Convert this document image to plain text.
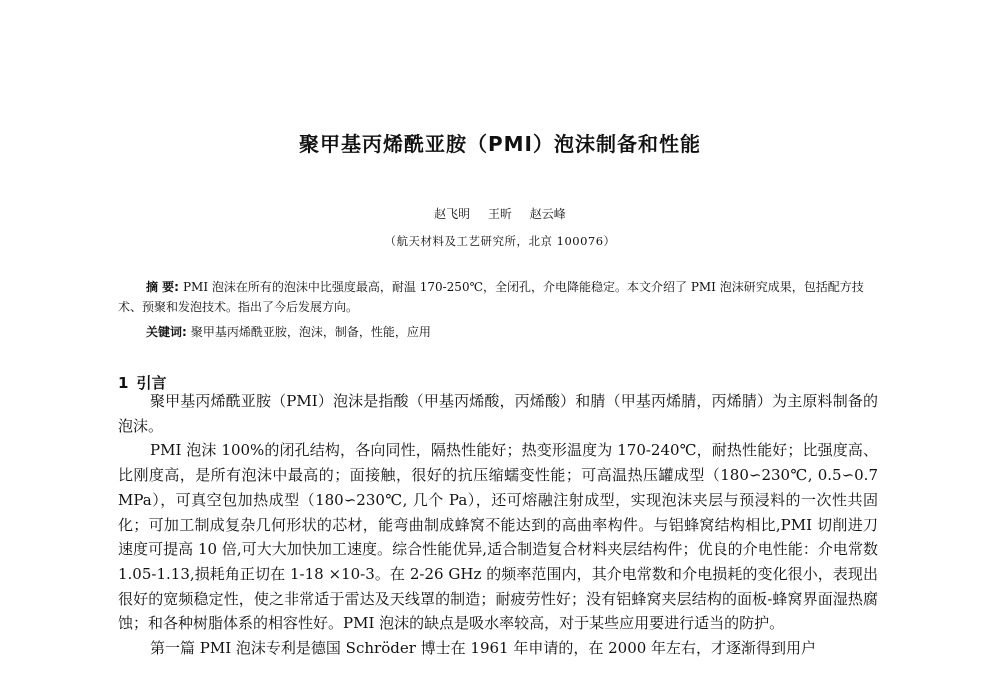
聚甲基丙烯酰亚胺（PMI）泡沫制备和性能
赵飞明 王昕 赵云峰
（航天材料及工艺研究所，北京 100076）

摘 要: PMI 泡沫在所有的泡沫中比强度最高，耐温 170-250℃，全闭孔，介电降能稳定。本文介绍了 PMI 泡沫研究成果，包括配方技术、预聚和发泡技术。指出了今后发展方向。

关键词: 聚甲基丙烯酰亚胺，泡沫，制备，性能，应用

1 引言

聚甲基丙烯酰亚胺（PMI）泡沫是指酸（甲基丙烯酸，丙烯酸）和腈（甲基丙烯腈，丙烯腈）为主原料制备的泡沫。

PMI 泡沫 100%的闭孔结构，各向同性，隔热性能好；热变形温度为 170-240℃，耐热性能好；比强度高、比刚度高，是所有泡沫中最高的；面接触，很好的抗压缩蠕变性能；可高温热压罐成型（180∽230℃, 0.5∽0.7 MPa），可真空包加热成型（180∽230℃, 几个 Pa），还可熔融注射成型，实现泡沫夹层与预浸料的一次性共固化；可加工制成复杂几何形状的芯材，能弯曲制成蜂窝不能达到的高曲率构件。与铝蜂窝结构相比,PMI 切削进刀速度可提高 10 倍,可大大加快加工速度。综合性能优异,适合制造复合材料夹层结构件；优良的介电性能：介电常数 1.05-1.13,损耗角正切在 1-18 ×10-3。在 2-26 GHz 的频率范围内，其介电常数和介电损耗的变化很小，表现出很好的宽频稳定性，使之非常适于雷达及天线罩的制造；耐疲劳性好；没有铝蜂窝夹层结构的面板-蜂窝界面湿热腐蚀；和各种树脂体系的相容性好。PMI 泡沫的缺点是吸水率较高，对于某些应用要进行适当的防护。

第一篇 PMI 泡沫专利是德国 Schröder 博士在 1961 年申请的，在 2000 年左右，才逐渐得到用户
